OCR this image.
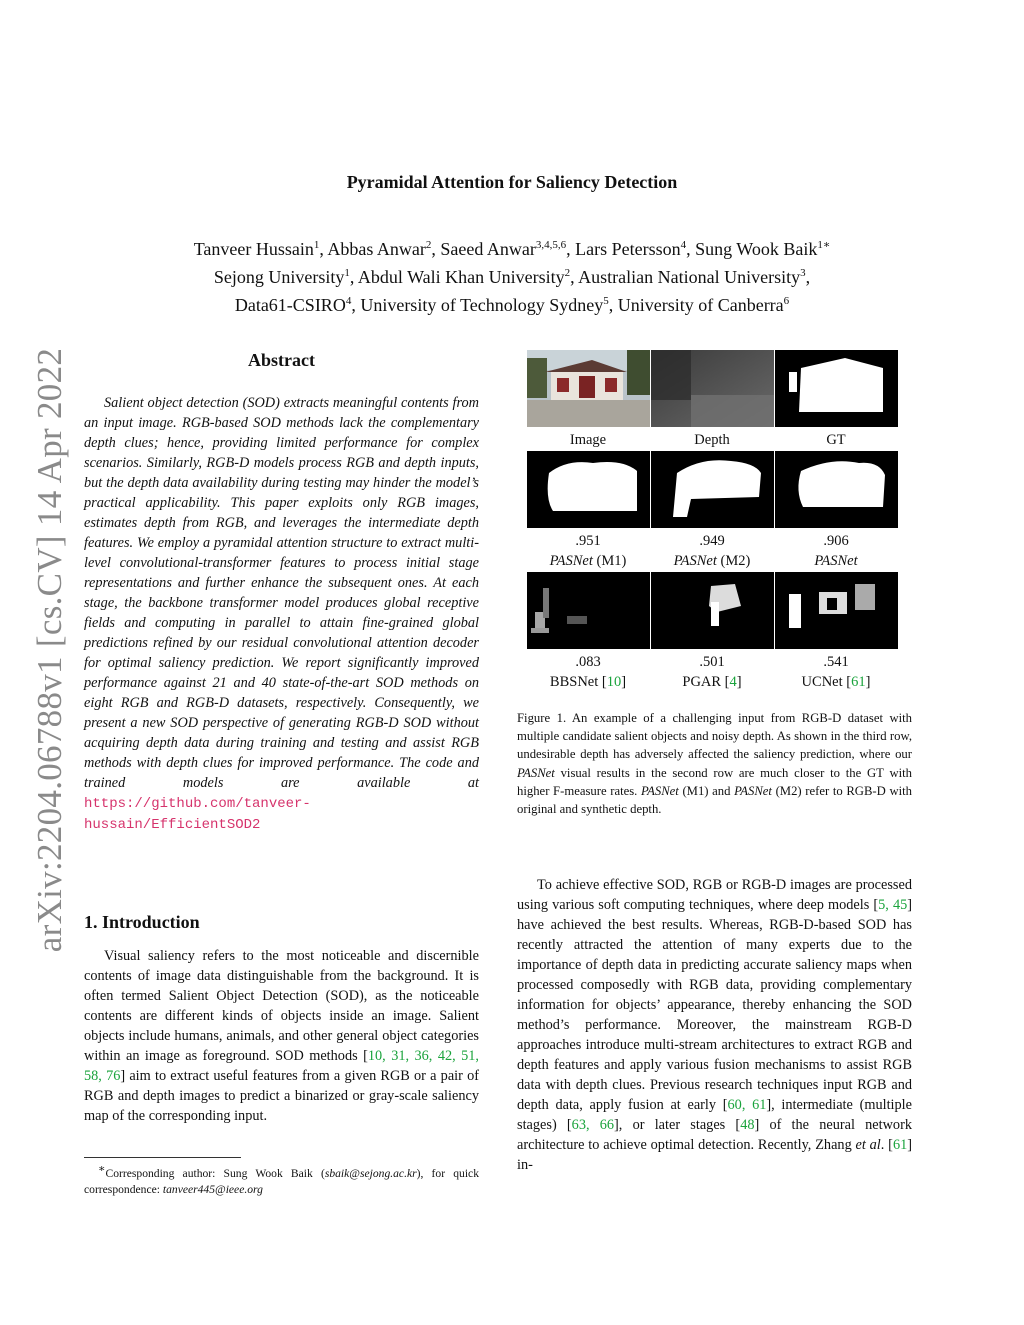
arXiv:2204.06788v1 [cs.CV] 14 Apr 2022
Pyramidal Attention for Saliency Detection
Tanveer Hussain$^1$, Abbas Anwar$^2$, Saeed Anwar$^{3,4,5,6}$, Lars Petersson$^4$, Sung Wook Baik$^{1∗}$
Sejong University$^1$, Abdul Wali Khan University$^2$, Australian National University$^3$,
Data61-CSIRO$^4$, University of Technology Sydney$^5$, University of Canberra$^6$
Abstract

Salient object detection (SOD) extracts meaningful contents from an input image. RGB-based SOD methods lack the complementary depth clues; hence, providing limited performance for complex scenarios. Similarly, RGB-D models process RGB and depth inputs, but the depth data availability during testing may hinder the model’s practical applicability. This paper exploits only RGB images, estimates depth from RGB, and leverages the intermediate depth features. We employ a pyramidal attention structure to extract multi-level convolutional-transformer features to process initial stage representations and further enhance the subsequent ones. At each stage, the backbone transformer model produces global receptive fields and computing in parallel to attain fine-grained global predictions refined by our residual convolutional attention decoder for optimal saliency prediction. We report significantly improved performance against 21 and 40 state-of-the-art SOD methods on eight RGB and RGB-D datasets, respectively. Consequently, we present a new SOD perspective of generating RGB-D SOD without acquiring depth data during training and testing and assist RGB methods with depth clues for improved performance. The code and trained models are available at https://github.com/tanveer-hussain/EfficientSOD2

1. Introduction

Visual saliency refers to the most noticeable and discernible contents of image data distinguishable from the background. It is often termed Salient Object Detection (SOD), as the noticeable contents are different kinds of objects inside an image. Salient objects include humans, animals, and other general object categories within an image as foreground. SOD methods [10, 31, 36, 42, 51, 58, 76] aim to extract useful features from a given RGB or a pair of RGB and depth images to predict a binarized or gray-scale saliency map of the corresponding input.

∗Corresponding author: Sung Wook Baik (sbaik@sejong.ac.kr), for quick correspondence: tanveer445@ieee.org

Image	Depth	GT
.951	.949	.906
PASNet (M1)	PASNet (M2)	PASNet
.083	.501	.541
BBSNet [10]	PGAR [4]	UCNet [61]

Figure 1. An example of a challenging input from RGB-D dataset with multiple candidate salient objects and noisy depth. As shown in the third row, undesirable depth has adversely affected the saliency prediction, where our PASNet visual results in the second row are much closer to the GT with higher F-measure rates. PASNet (M1) and PASNet (M2) refer to RGB-D with original and synthetic depth.

To achieve effective SOD, RGB or RGB-D images are processed using various soft computing techniques, where deep models [5, 45] have achieved the best results. Whereas, RGB-D-based SOD has recently attracted the attention of many experts due to the importance of depth data in predicting accurate saliency maps when processed composedly with RGB data, providing complementary information for objects’ appearance, thereby enhancing the SOD method’s performance. Moreover, the mainstream RGB-D approaches introduce multi-stream architectures to extract RGB and depth features and apply various fusion mechanisms to assist RGB data with depth clues. Previous research techniques input RGB and depth data, apply fusion at early [60, 61], intermediate (multiple stages) [63, 66], or later stages [48] of the neural network architecture to achieve optimal detection. Recently, Zhang et al. [61] in-
